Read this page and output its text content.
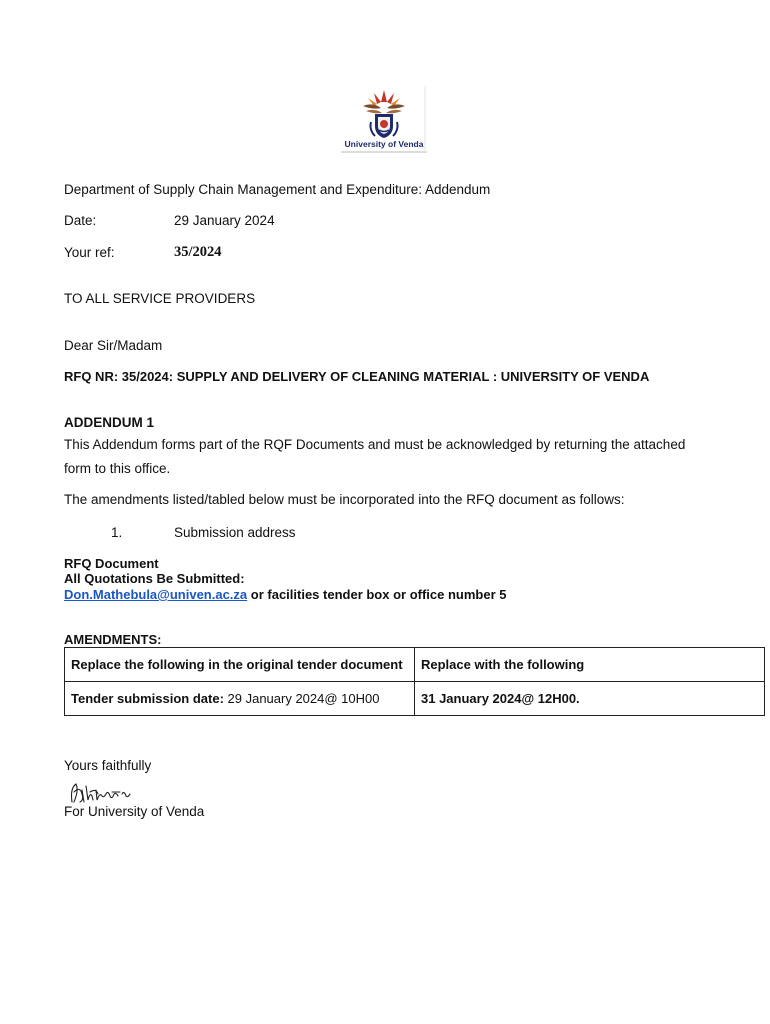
University of Venda
Department of Supply Chain Management and Expenditure: Addendum
Date:	29 January 2024
Your ref:	35/2024
TO ALL SERVICE PROVIDERS
Dear Sir/Madam
RFQ NR: 35/2024: SUPPLY AND DELIVERY OF CLEANING MATERIAL : UNIVERSITY OF VENDA
ADDENDUM 1
This Addendum forms part of the RQF Documents and must be acknowledged by returning the attached
form to this office.
The amendments listed/tabled below must be incorporated into the RFQ document as follows:
1.	Submission address
RFQ Document
All Quotations Be Submitted:
Don.Mathebula@univen.ac.za or facilities tender box or office number 5
AMENDMENTS:
Replace the following in the original tender document	Replace with the following
Tender submission date: 29 January 2024@ 10H00	31 January 2024@ 12H00.
Yours faithfully
For University of Venda
